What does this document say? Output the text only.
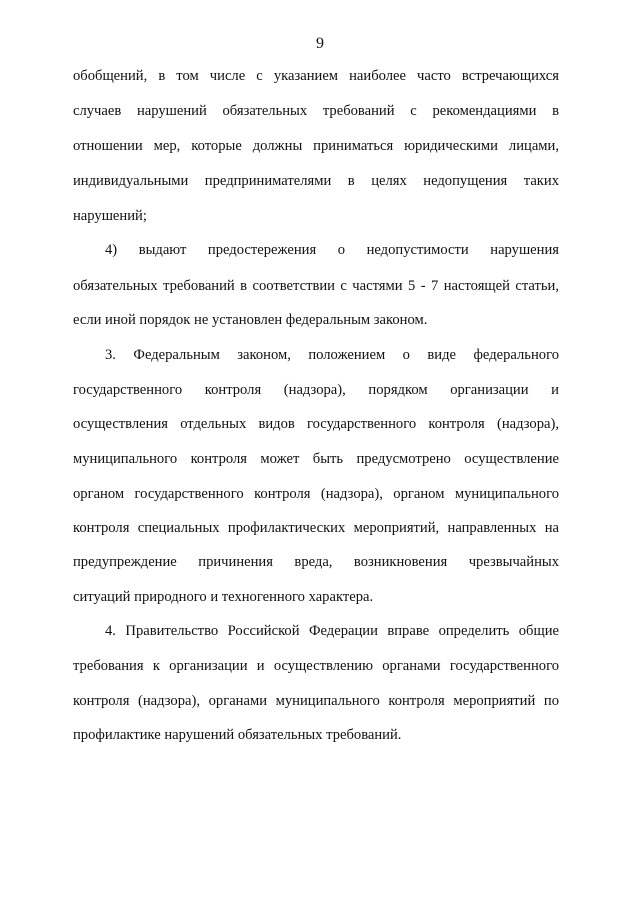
9
обобщений, в том числе с указанием наиболее часто встречающихся
случаев нарушений обязательных требований с рекомендациями в
отношении мер, которые должны приниматься юридическими лицами,
индивидуальными предпринимателями в целях недопущения таких
нарушений;
4) выдают предостережения о недопустимости нарушения
обязательных требований в соответствии с частями 5 - 7 настоящей статьи,
если иной порядок не установлен федеральным законом.
3. Федеральным законом, положением о виде федерального
государственного контроля (надзора), порядком организации и
осуществления отдельных видов государственного контроля (надзора),
муниципального контроля может быть предусмотрено осуществление
органом государственного контроля (надзора), органом муниципального
контроля специальных профилактических мероприятий, направленных на
предупреждение причинения вреда, возникновения чрезвычайных
ситуаций природного и техногенного характера.
4. Правительство Российской Федерации вправе определить общие
требования к организации и осуществлению органами государственного
контроля (надзора), органами муниципального контроля мероприятий по
профилактике нарушений обязательных требований.
